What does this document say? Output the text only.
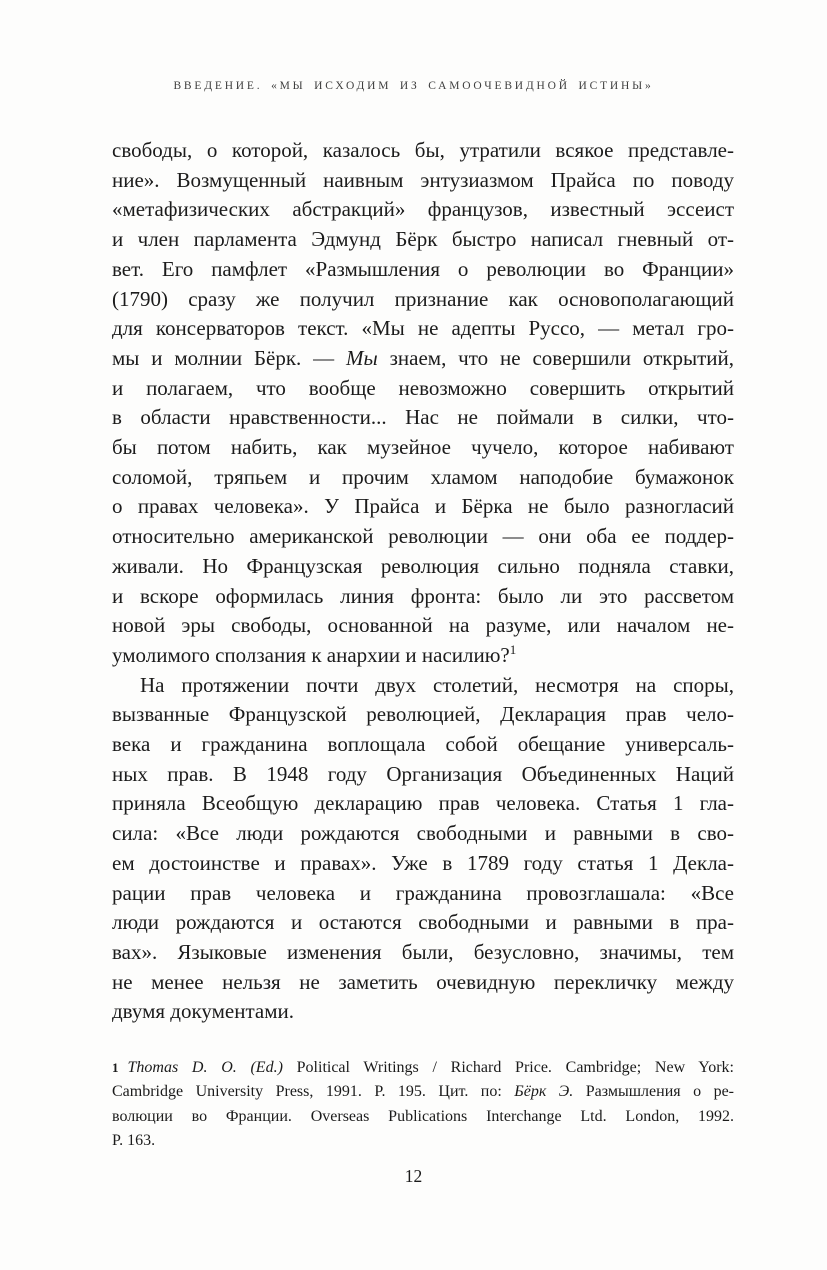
ВВЕДЕНИЕ. «МЫ ИСХОДИМ ИЗ САМООЧЕВИДНОЙ ИСТИНЫ»
свободы, о которой, казалось бы, утратили всякое представле-
ние». Возмущенный наивным энтузиазмом Прайса по поводу
«метафизических абстракций» французов, известный эссеист
и член парламента Эдмунд Бёрк быстро написал гневный от-
вет. Его памфлет «Размышления о революции во Франции»
(1790) сразу же получил признание как основополагающий
для консерваторов текст. «Мы не адепты Руссо, — метал гро-
мы и молнии Бёрк. — Мы знаем, что не совершили открытий,
и полагаем, что вообще невозможно совершить открытий
в области нравственности... Нас не поймали в силки, что-
бы потом набить, как музейное чучело, которое набивают
соломой, тряпьем и прочим хламом наподобие бумажонок
о правах человека». У Прайса и Бёрка не было разногласий
относительно американской революции — они оба ее поддер-
живали. Но Французская революция сильно подняла ставки,
и вскоре оформилась линия фронта: было ли это рассветом
новой эры свободы, основанной на разуме, или началом не-
умолимого сползания к анархии и насилию?$^1$
На протяжении почти двух столетий, несмотря на споры,
вызванные Французской революцией, Декларация прав чело-
века и гражданина воплощала собой обещание универсаль-
ных прав. В 1948 году Организация Объединенных Наций
приняла Всеобщую декларацию прав человека. Статья 1 гла-
сила: «Все люди рождаются свободными и равными в сво-
ем достоинстве и правах». Уже в 1789 году статья 1 Декла-
рации прав человека и гражданина провозглашала: «Все
люди рождаются и остаются свободными и равными в пра-
вах». Языковые изменения были, безусловно, значимы, тем
не менее нельзя не заметить очевидную перекличку между
двумя документами.
1 Thomas D. O. (Ed.) Political Writings / Richard Price. Cambridge; New York:
Cambridge University Press, 1991. P. 195. Цит. по: Бёрк Э. Размышления о ре-
волюции во Франции. Overseas Publications Interchange Ltd. London, 1992.
P. 163.
12
